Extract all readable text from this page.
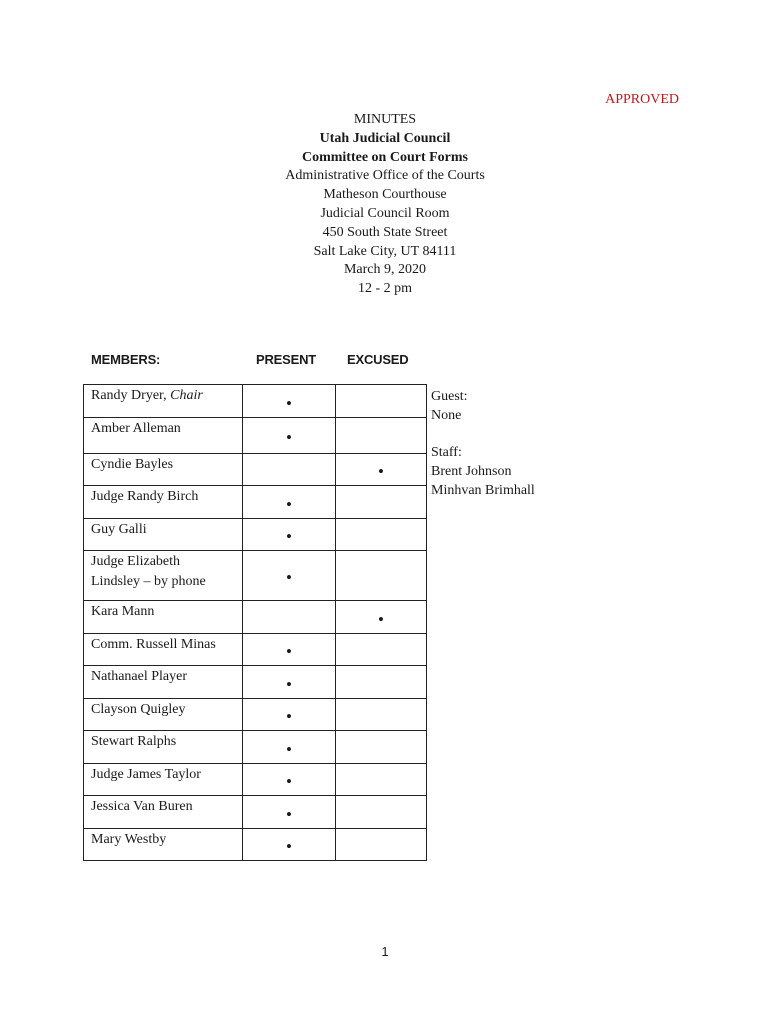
APPROVED
MINUTES
Utah Judicial Council
Committee on Court Forms
Administrative Office of the Courts
Matheson Courthouse
Judicial Council Room
450 South State Street
Salt Lake City, UT 84111
March 9, 2020
12 - 2 pm
MEMBERS:	PRESENT EXCUSED
Randy Dryer, Chair	•	
Amber Alleman	•	
Cyndie Bayles		•
Judge Randy Birch	•	
Guy Galli	•	
Judge Elizabeth
Lindsley – by phone	•	
Kara Mann		•
Comm. Russell Minas	•	
Nathanael Player	•	
Clayson Quigley	•	
Stewart Ralphs	•	
Judge James Taylor	•	
Jessica Van Buren	•	
Mary Westby	•	
Guest:
None
Staff:
Brent Johnson
Minhvan Brimhall
1
